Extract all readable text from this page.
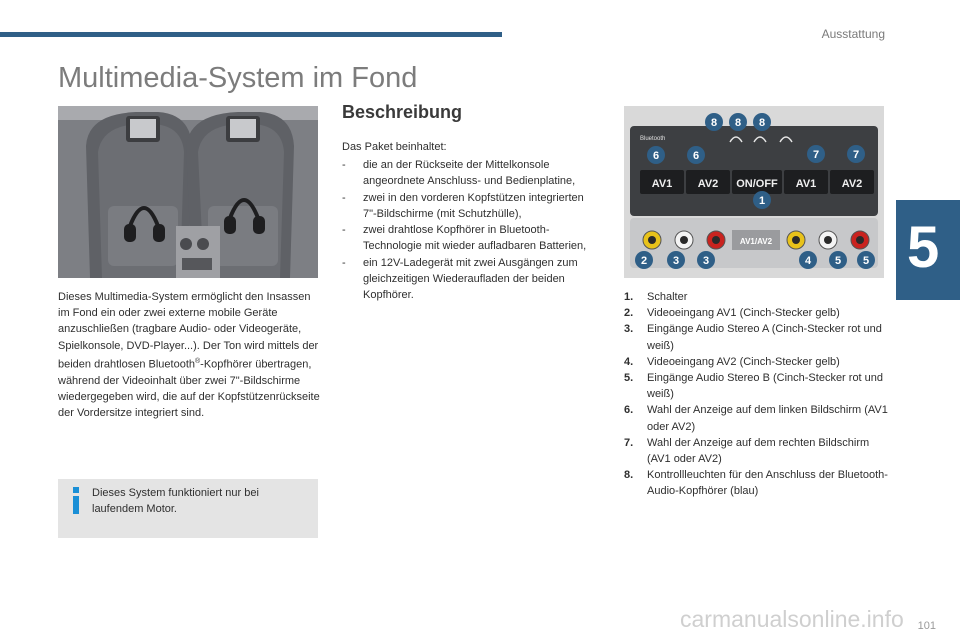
Ausstattung
5
Multimedia-System im Fond
Bluetooth
AV1 AV2 ON/OFF AV1 AV2
AV1/AV2
8 8 8
6	6	7	7
1
2 3 3	4 5 5
Dieses Multimedia-System ermöglicht den Insassen im Fond ein oder zwei externe mobile Geräte anzuschließen (tragbare Audio- oder Videogeräte, Spielkonsole, DVD-Player...). Der Ton wird mittels der beiden drahtlosen Bluetooth®-Kopfhörer übertragen, während der Videoinhalt über zwei 7"-Bildschirme wiedergegeben wird, die auf der Kopfstützenrückseite der Vordersitze integriert sind.
Dieses System funktioniert nur bei laufendem Motor.
Beschreibung
Das Paket beinhaltet:
- die an der Rückseite der Mittelkonsole angeordnete Anschluss- und Bedienplatine,
- zwei in den vorderen Kopfstützen integrierten 7"-Bildschirme (mit Schutzhülle),
- zwei drahtlose Kopfhörer in Bluetooth-Technologie mit wieder aufladbaren Batterien,
- ein 12V-Ladegerät mit zwei Ausgängen zum gleichzeitigen Wiederaufladen der beiden Kopfhörer.	1. Schalter
2. Videoeingang AV1 (Cinch-Stecker gelb)
3. Eingänge Audio Stereo A (Cinch-Stecker rot und weiß)
4. Videoeingang AV2 (Cinch-Stecker gelb)
5. Eingänge Audio Stereo B (Cinch-Stecker rot und weiß)
6. Wahl der Anzeige auf dem linken Bildschirm (AV1 oder AV2)
7. Wahl der Anzeige auf dem rechten Bildschirm (AV1 oder AV2)
8. Kontrollleuchten für den Anschluss der Bluetooth-Audio-Kopfhörer (blau)
carmanualsonline.info 101
